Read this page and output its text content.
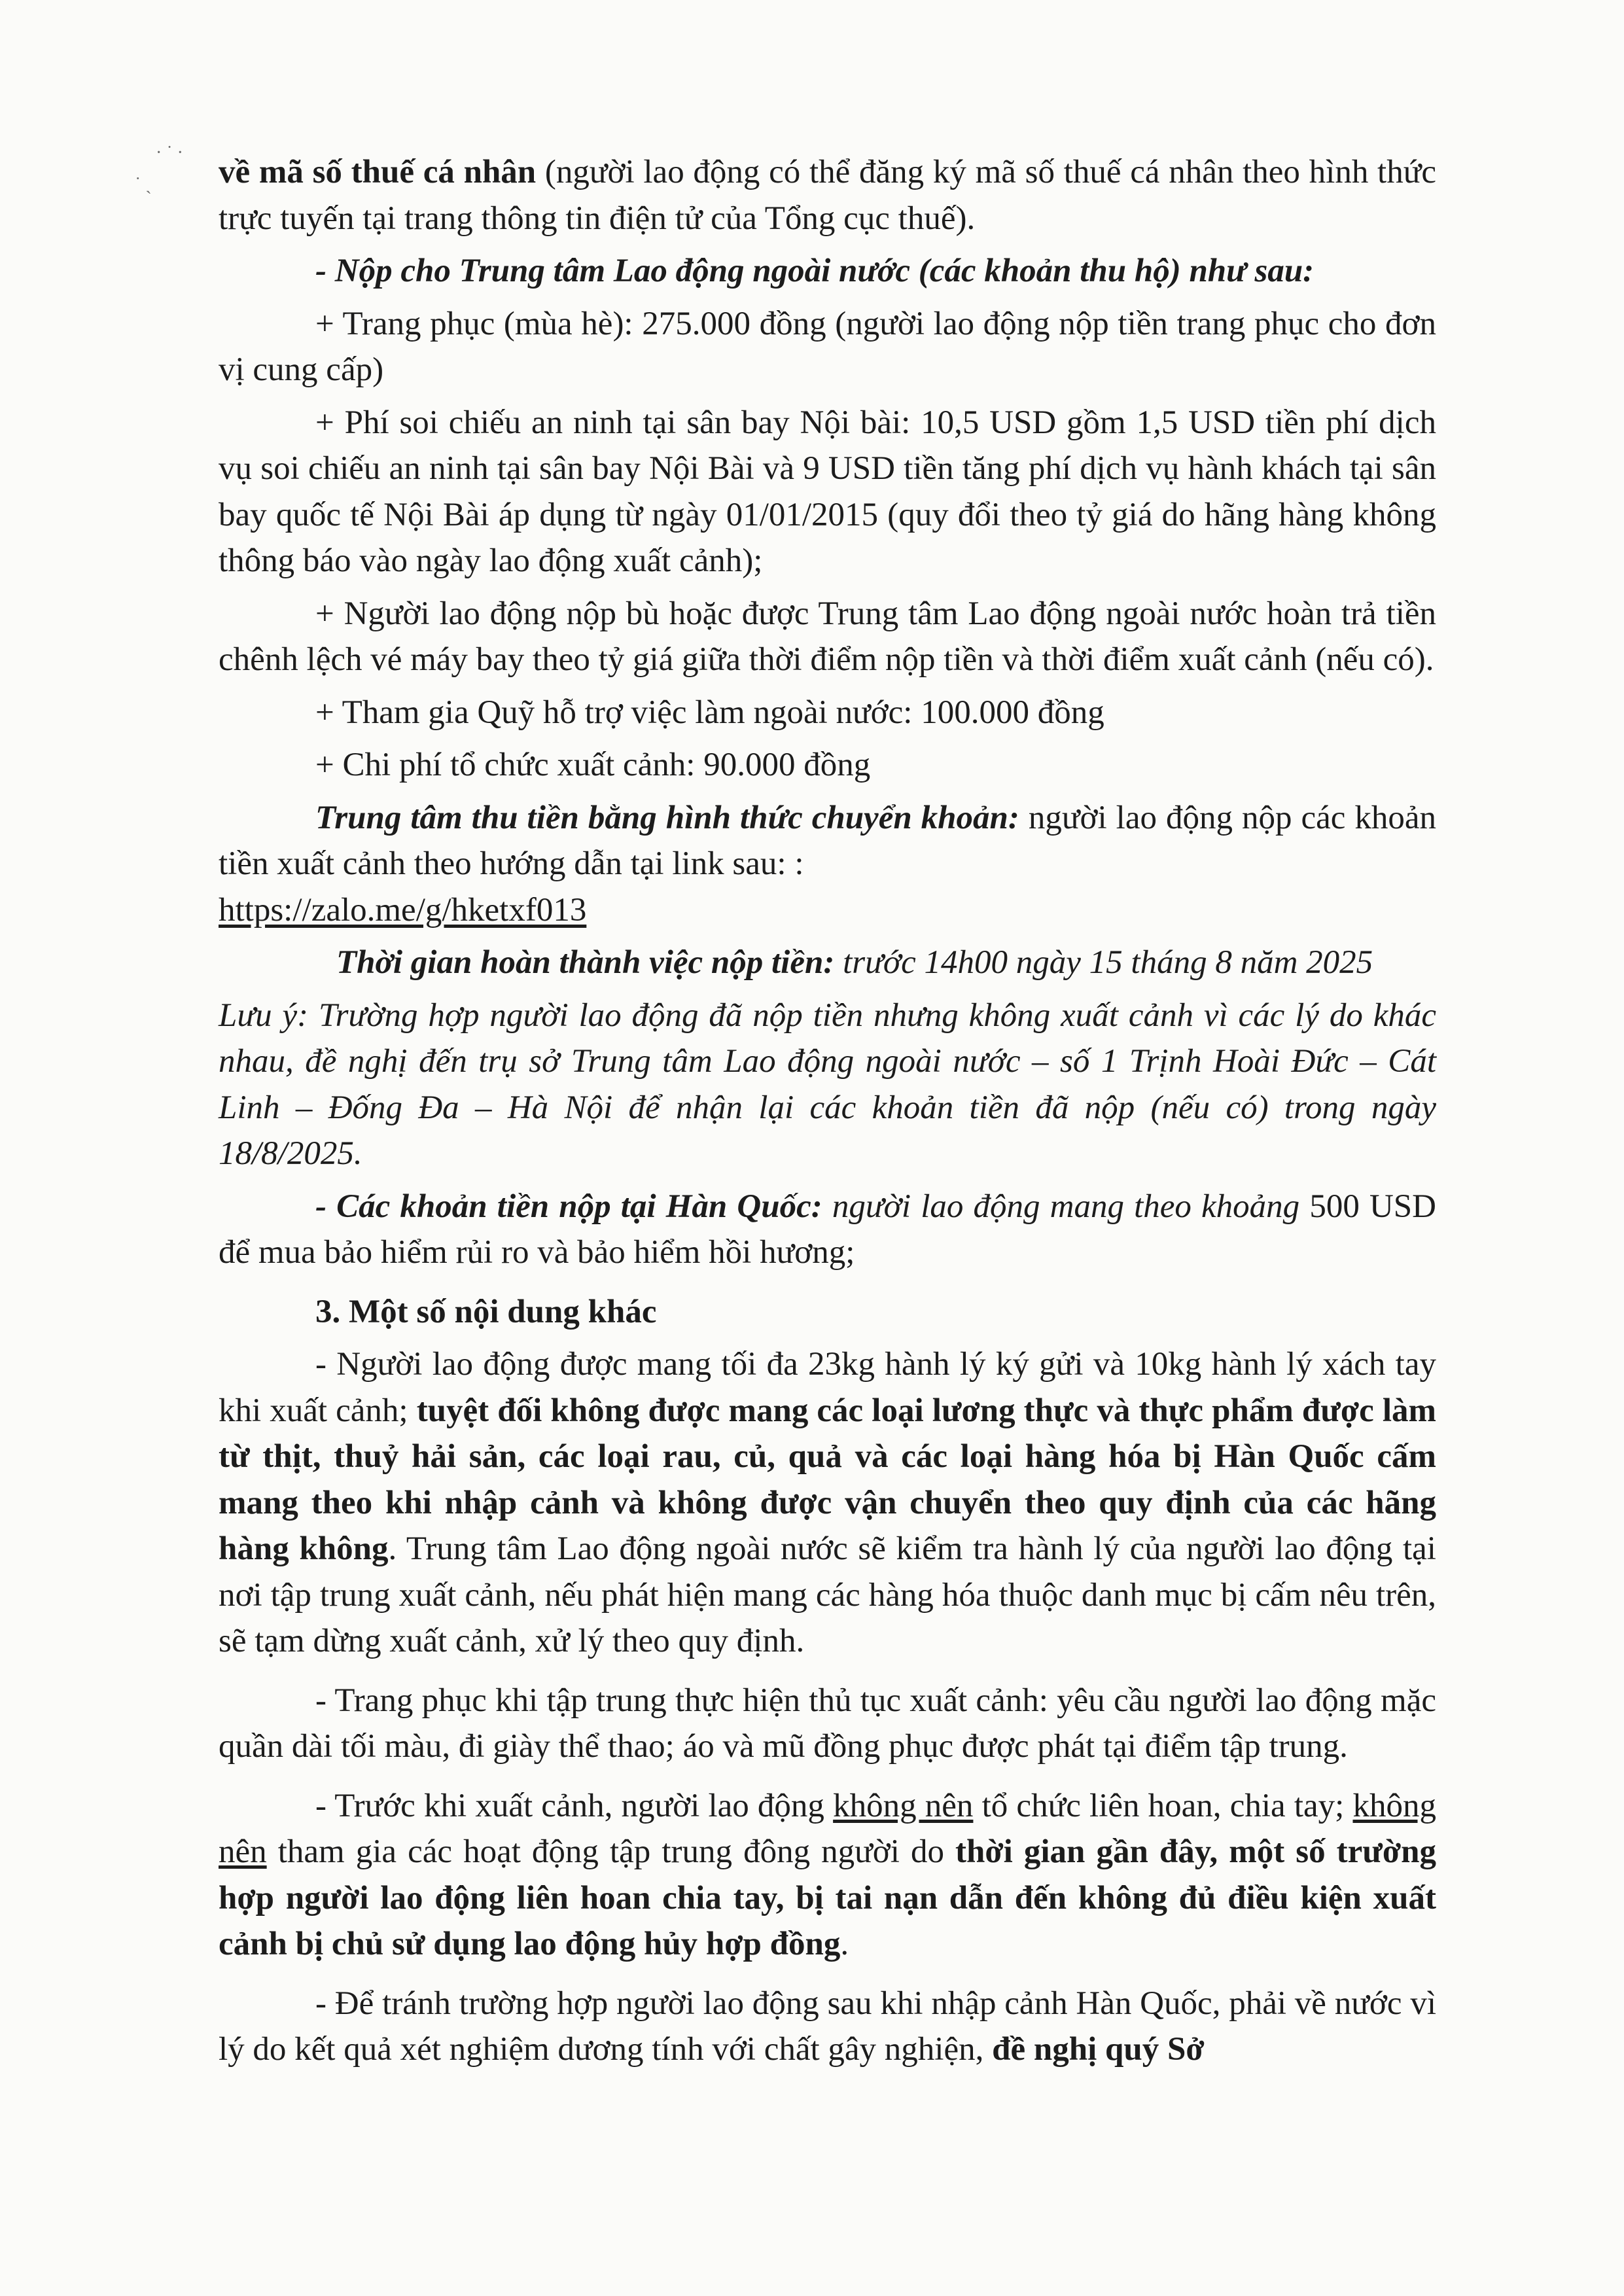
· ˙ ·
˙ ˎ về mã số thuế cá nhân (người lao động có thể đăng ký mã số thuế cá nhân theo hình thức trực tuyến tại trang thông tin điện tử của Tổng cục thuế).

- Nộp cho Trung tâm Lao động ngoài nước (các khoản thu hộ) như sau:

+ Trang phục (mùa hè): 275.000 đồng (người lao động nộp tiền trang phục cho đơn vị cung cấp)

+ Phí soi chiếu an ninh tại sân bay Nội bài: 10,5 USD gồm 1,5 USD tiền phí dịch vụ soi chiếu an ninh tại sân bay Nội Bài và 9 USD tiền tăng phí dịch vụ hành khách tại sân bay quốc tế Nội Bài áp dụng từ ngày 01/01/2015 (quy đổi theo tỷ giá do hãng hàng không thông báo vào ngày lao động xuất cảnh);

+ Người lao động nộp bù hoặc được Trung tâm Lao động ngoài nước hoàn trả tiền chênh lệch vé máy bay theo tỷ giá giữa thời điểm nộp tiền và thời điểm xuất cảnh (nếu có).

+ Tham gia Quỹ hỗ trợ việc làm ngoài nước: 100.000 đồng

+ Chi phí tổ chức xuất cảnh: 90.000 đồng

Trung tâm thu tiền bằng hình thức chuyển khoản: người lao động nộp các khoản tiền xuất cảnh theo hướng dẫn tại link sau: :
https://zalo.me/g/hketxf013

Thời gian hoàn thành việc nộp tiền: trước 14h00 ngày 15 tháng 8 năm 2025

Lưu ý: Trường hợp người lao động đã nộp tiền nhưng không xuất cảnh vì các lý do khác nhau, đề nghị đến trụ sở Trung tâm Lao động ngoài nước – số 1 Trịnh Hoài Đức – Cát Linh – Đống Đa – Hà Nội để nhận lại các khoản tiền đã nộp (nếu có) trong ngày 18/8/2025.

- Các khoản tiền nộp tại Hàn Quốc: người lao động mang theo khoảng 500 USD để mua bảo hiểm rủi ro và bảo hiểm hồi hương;

3. Một số nội dung khác

- Người lao động được mang tối đa 23kg hành lý ký gửi và 10kg hành lý xách tay khi xuất cảnh; tuyệt đối không được mang các loại lương thực và thực phẩm được làm từ thịt, thuỷ hải sản, các loại rau, củ, quả và các loại hàng hóa bị Hàn Quốc cấm mang theo khi nhập cảnh và không được vận chuyển theo quy định của các hãng hàng không. Trung tâm Lao động ngoài nước sẽ kiểm tra hành lý của người lao động tại nơi tập trung xuất cảnh, nếu phát hiện mang các hàng hóa thuộc danh mục bị cấm nêu trên, sẽ tạm dừng xuất cảnh, xử lý theo quy định.

- Trang phục khi tập trung thực hiện thủ tục xuất cảnh: yêu cầu người lao động mặc quần dài tối màu, đi giày thể thao; áo và mũ đồng phục được phát tại điểm tập trung.

- Trước khi xuất cảnh, người lao động không nên tổ chức liên hoan, chia tay; không nên tham gia các hoạt động tập trung đông người do thời gian gần đây, một số trường hợp người lao động liên hoan chia tay, bị tai nạn dẫn đến không đủ điều kiện xuất cảnh bị chủ sử dụng lao động hủy hợp đồng.

- Để tránh trường hợp người lao động sau khi nhập cảnh Hàn Quốc, phải về nước vì lý do kết quả xét nghiệm dương tính với chất gây nghiện, đề nghị quý Sở
